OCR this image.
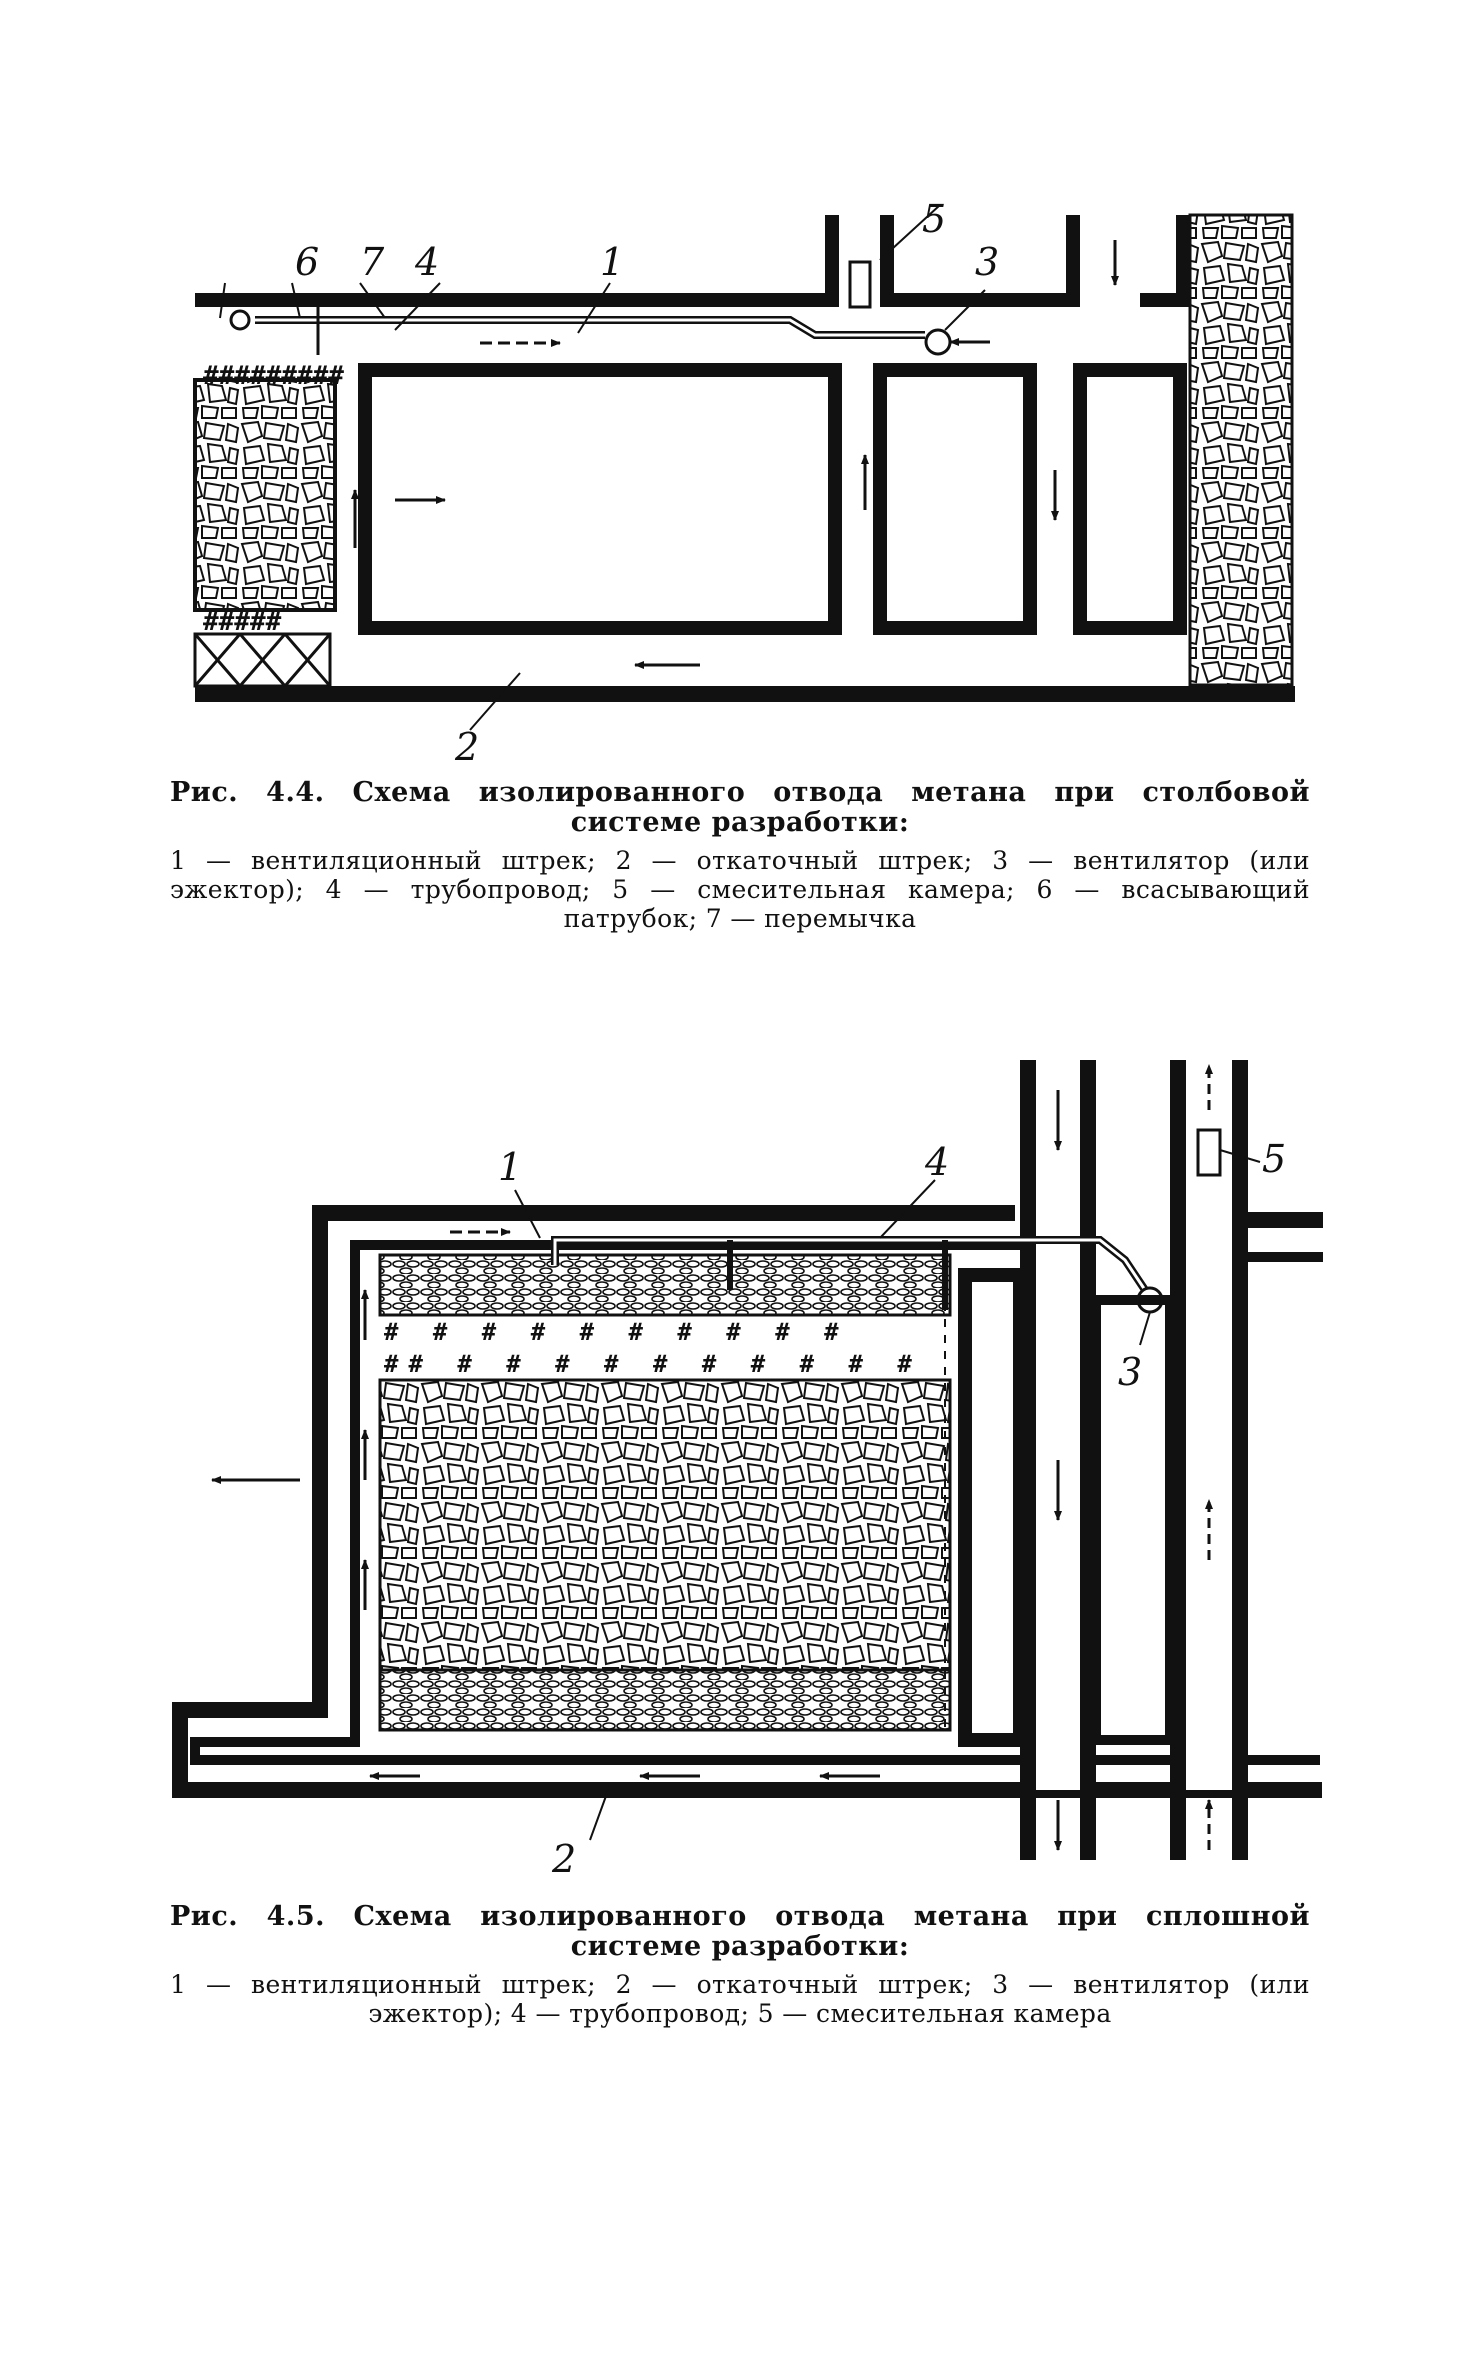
#########
#####
1
2
3
4
5
6 7
# # # # # # # # # #
## # # # # # # # # # #
1
2
3
4	5
Рис. 4.4. Схема изолированного отвода метана при столбовой системе разработки:
1 — вентиляционный штрек; 2 — откаточный штрек; 3 — вентилятор (или эжектор); 4 — трубопровод; 5 — смесительная камера; 6 — всасывающий патрубок; 7 — перемычка
Рис. 4.5. Схема изолированного отвода метана при сплошной системе разработки:
1 — вентиляционный штрек; 2 — откаточный штрек; 3 — вентилятор (или эжектор); 4 — трубопровод; 5 — смесительная камера
